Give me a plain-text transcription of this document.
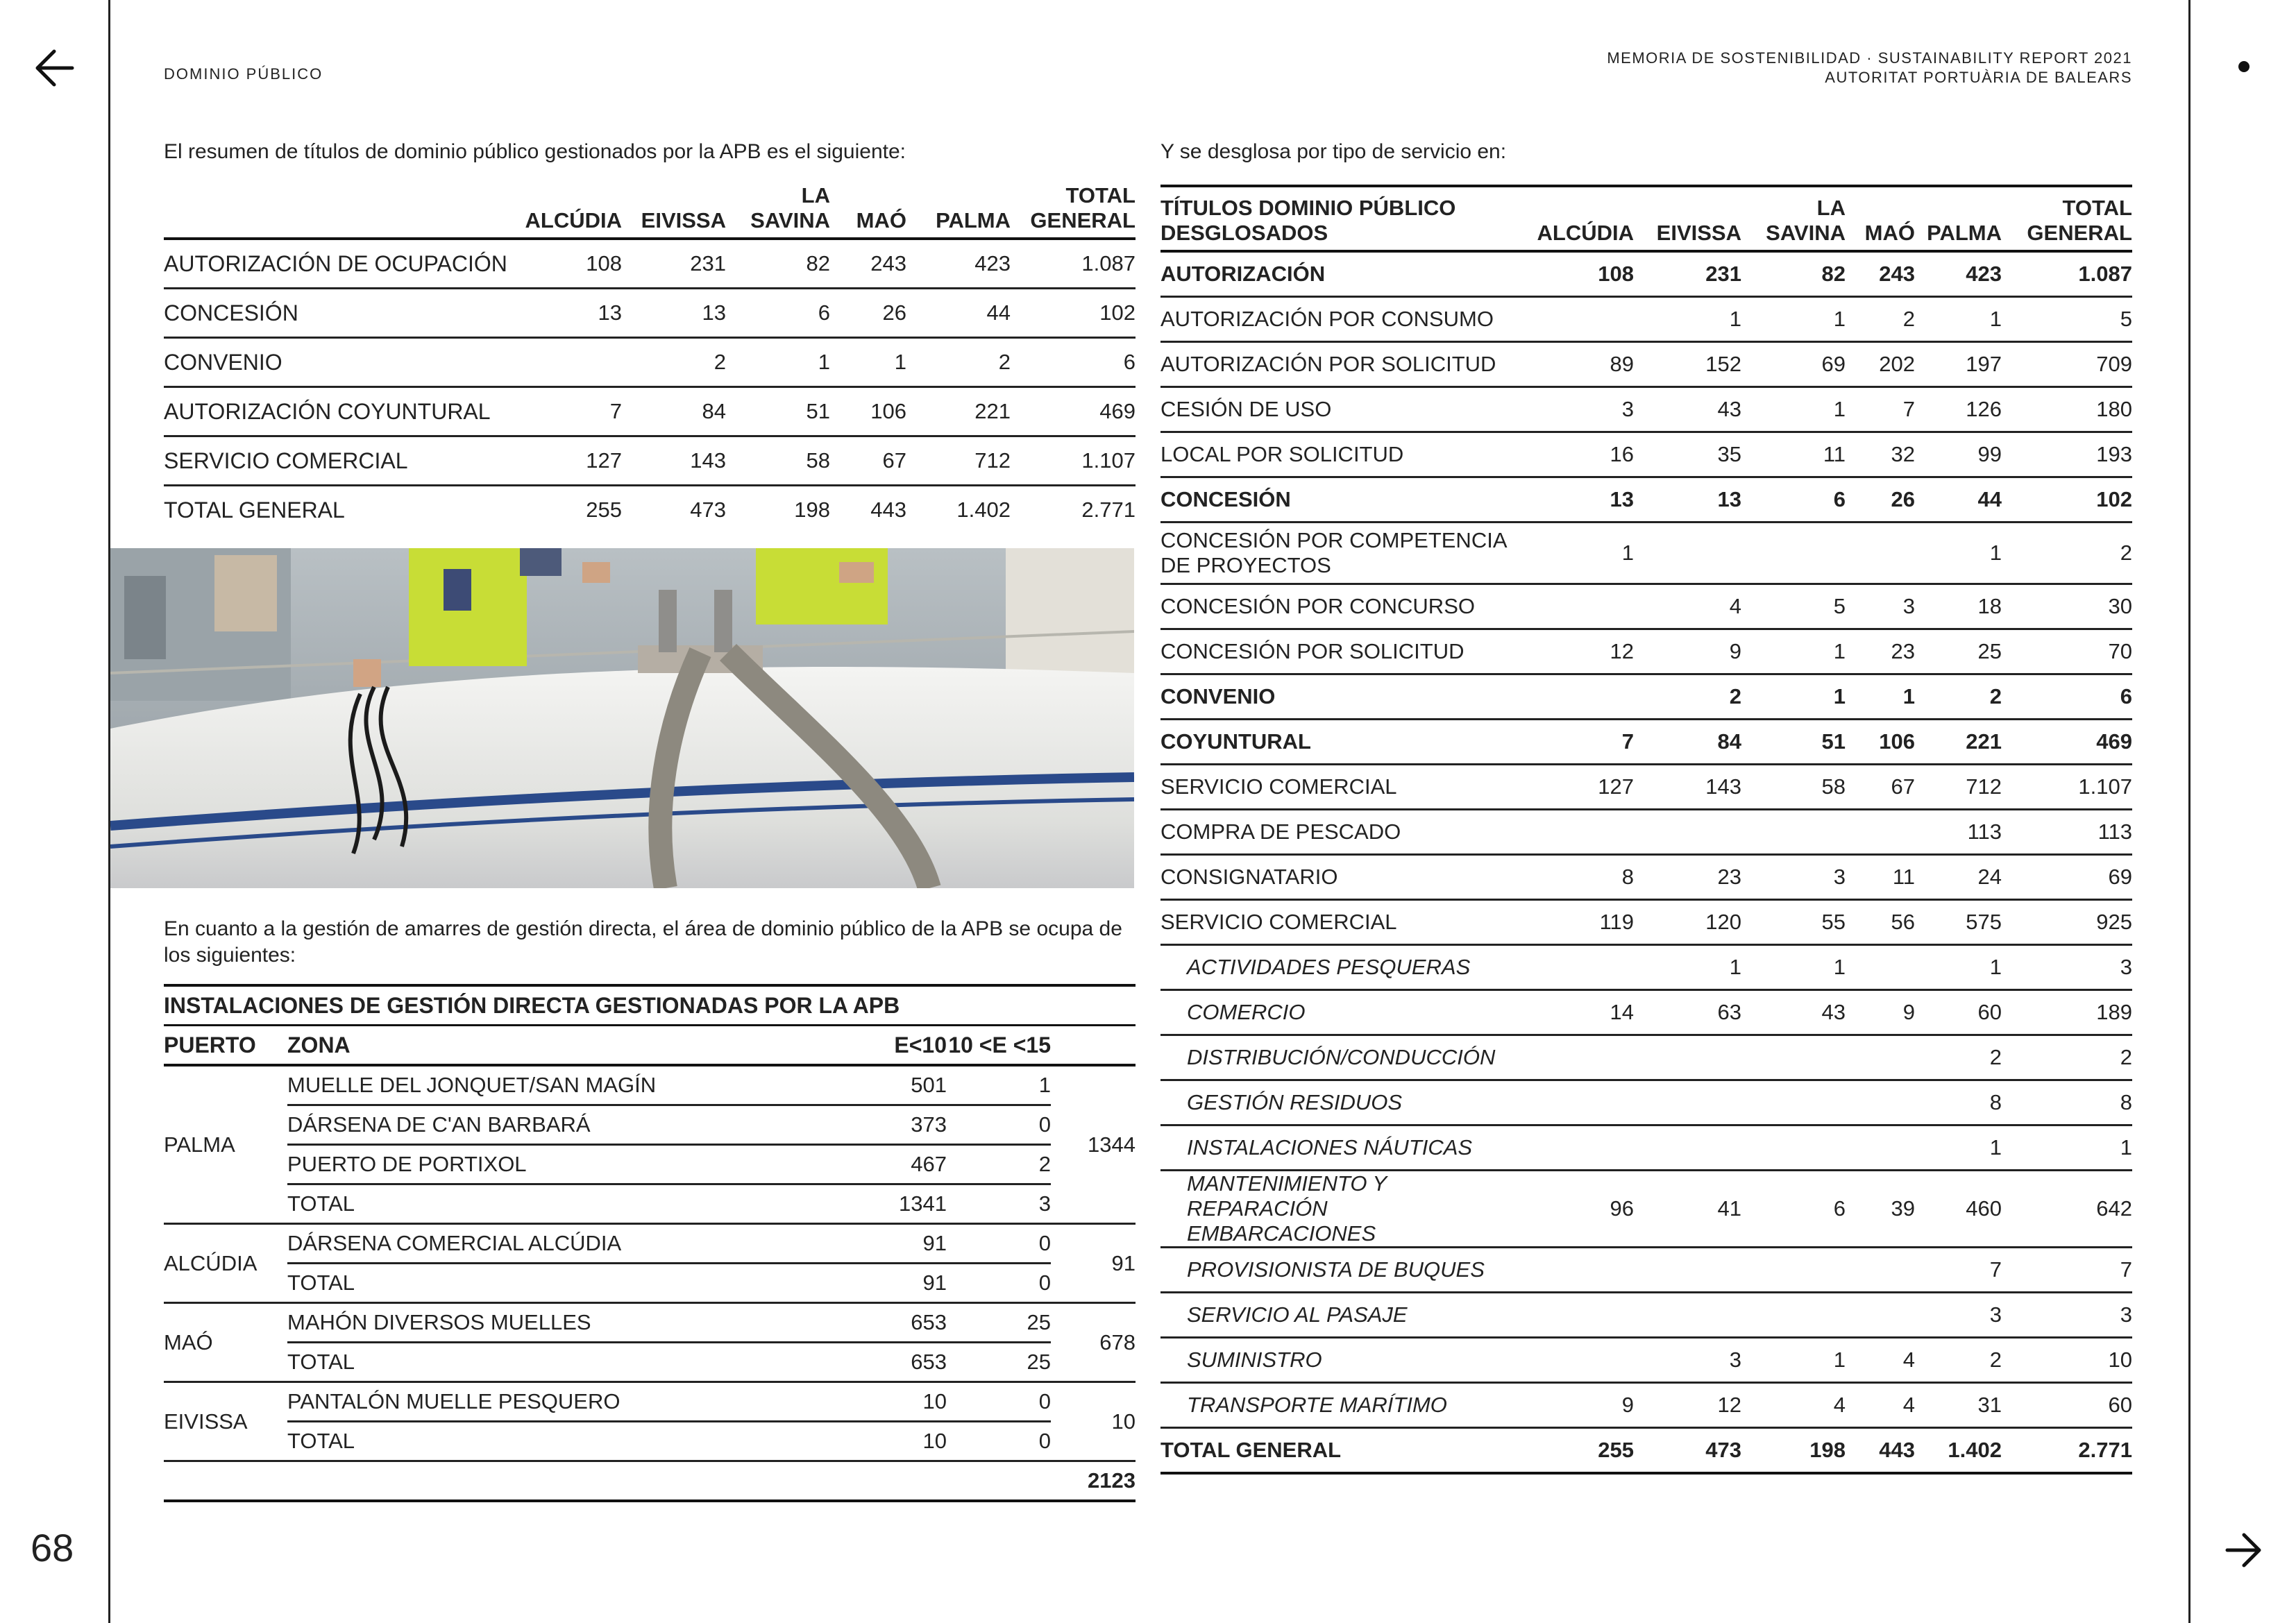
68
DOMINIO PÚBLICO
MEMORIA DE SOSTENIBILIDAD · SUSTAINABILITY REPORT 2021
AUTORITAT PORTUÀRIA DE BALEARS
El resumen de títulos de dominio público gestionados por la APB es el siguiente:	Y se desglosa por tipo de servicio en:
	ALCÚDIA	EIVISSA	LA SAVINA	MAÓ	PALMA	TOTAL GENERAL
AUTORIZACIÓN DE OCUPACIÓN	108	231	82	243	423	1.087
CONCESIÓN	13	13	6	26	44	102
CONVENIO		2	1	1	2	6
AUTORIZACIÓN COYUNTURAL	7	84	51	106	221	469
SERVICIO COMERCIAL	127	143	58	67	712	1.107
TOTAL GENERAL	255	473	198	443	1.402	2.771
En cuanto a la gestión de amarres de gestión directa, el área de dominio público de la APB se ocupa de los siguientes:
INSTALACIONES DE GESTIÓN DIRECTA GESTIONADAS POR LA APB				
PUERTO	ZONA	E<10	10 <E <15	
PALMA	MUELLE DEL JONQUET/SAN MAGÍN	501	1	1344
	DÁRSENA DE C'AN BARBARÁ	373	0	
	PUERTO DE PORTIXOL	467	2	
	TOTAL	1341	3	
ALCÚDIA	DÁRSENA COMERCIAL ALCÚDIA	91	0	91
	TOTAL	91	0	
MAÓ	MAHÓN DIVERSOS MUELLES	653	25	678
	TOTAL	653	25	
EIVISSA	PANTALÓN MUELLE PESQUERO	10	0	10
	TOTAL	10	0	
				2123
TÍTULOS DOMINIO PÚBLICO DESGLOSADOS	ALCÚDIA	EIVISSA	LA SAVINA	MAÓ	PALMA	TOTAL GENERAL
AUTORIZACIÓN	108	231	82	243	423	1.087
AUTORIZACIÓN POR CONSUMO		1	1	2	1	5
AUTORIZACIÓN POR SOLICITUD	89	152	69	202	197	709
CESIÓN DE USO	3	43	1	7	126	180
LOCAL POR SOLICITUD	16	35	11	32	99	193
CONCESIÓN	13	13	6	26	44	102
CONCESIÓN POR COMPETENCIA DE PROYECTOS	1				1	2
CONCESIÓN POR CONCURSO		4	5	3	18	30
CONCESIÓN POR SOLICITUD	12	9	1	23	25	70
CONVENIO		2	1	1	2	6
COYUNTURAL	7	84	51	106	221	469
SERVICIO COMERCIAL	127	143	58	67	712	1.107
COMPRA DE PESCADO					113	113
CONSIGNATARIO	8	23	3	11	24	69
SERVICIO COMERCIAL	119	120	55	56	575	925
ACTIVIDADES PESQUERAS		1	1		1	3
COMERCIO	14	63	43	9	60	189
DISTRIBUCIÓN/CONDUCCIÓN					2	2
GESTIÓN RESIDUOS					8	8
INSTALACIONES NÁUTICAS					1	1
MANTENIMIENTO Y REPARACIÓN EMBARCACIONES	96	41	6	39	460	642
PROVISIONISTA DE BUQUES					7	7
SERVICIO AL PASAJE					3	3
SUMINISTRO		3	1	4	2	10
TRANSPORTE MARÍTIMO	9	12	4	4	31	60
TOTAL GENERAL	255	473	198	443	1.402	2.771
